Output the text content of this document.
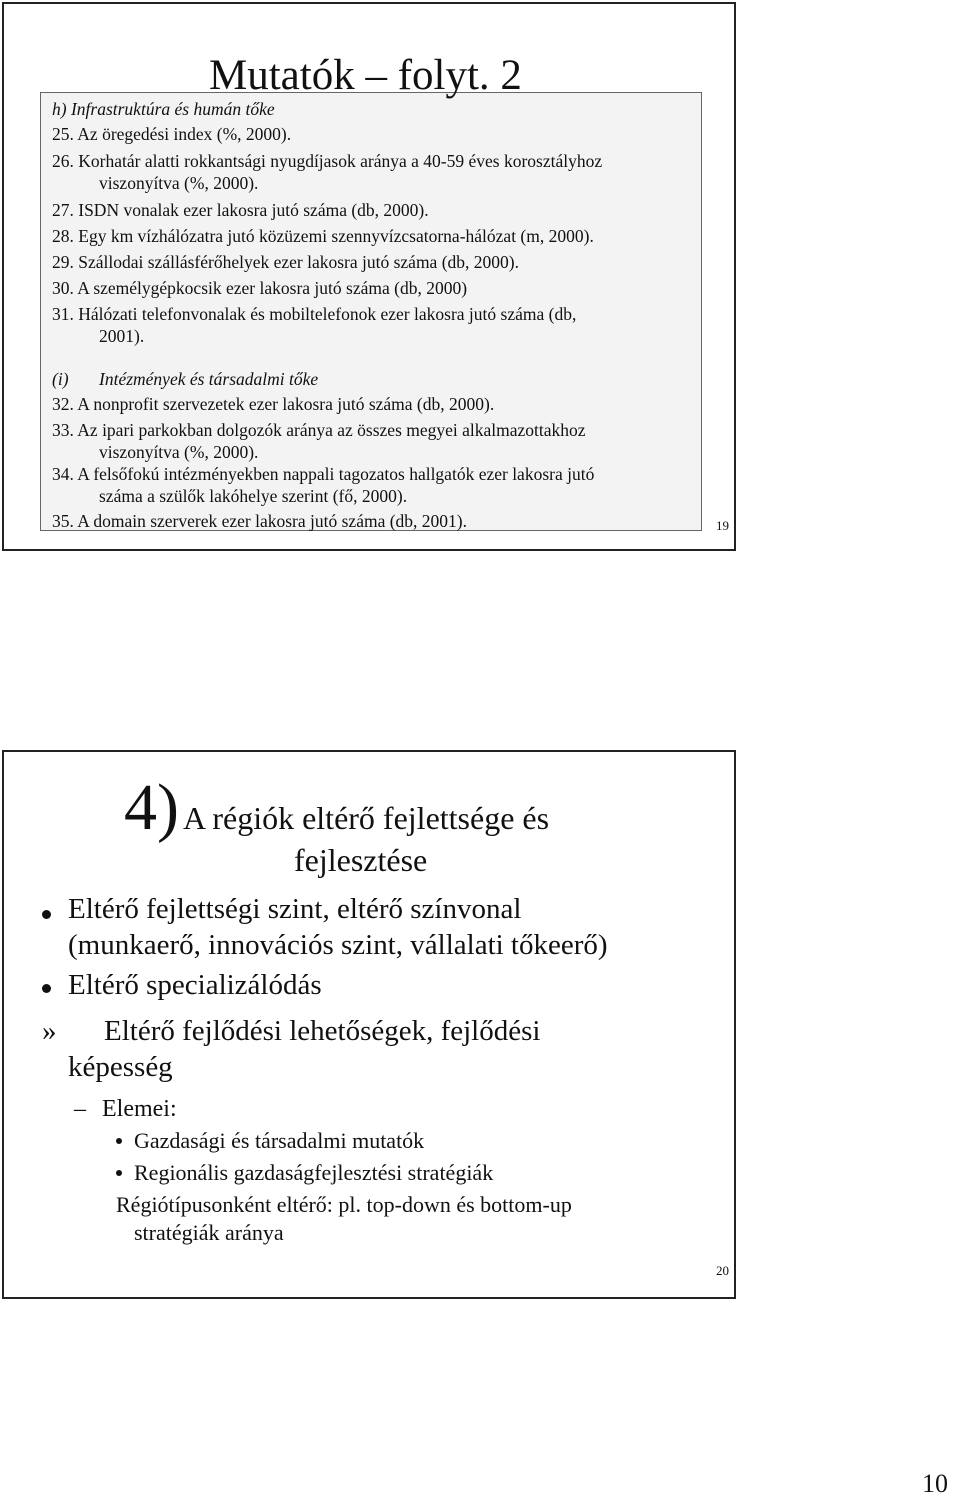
Mutatók – folyt. 2
h) Infrastruktúra és humán tőke
25. Az öregedési index (%, 2000).
26. Korhatár alatti rokkantsági nyugdíjasok aránya a 40-59 éves korosztályhoz
viszonyítva (%, 2000).
27. ISDN vonalak ezer lakosra jutó száma (db, 2000).
28. Egy km vízhálózatra jutó közüzemi szennyvízcsatorna-hálózat (m, 2000).
29. Szállodai szállásférőhelyek ezer lakosra jutó száma (db, 2000).
30. A személygépkocsik ezer lakosra jutó száma (db, 2000)
31. Hálózati telefonvonalak és mobiltelefonok ezer lakosra jutó száma (db,
2001).
(i) Intézmények és társadalmi tőke
32. A nonprofit szervezetek ezer lakosra jutó száma (db, 2000).
33. Az ipari parkokban dolgozók aránya az összes megyei alkalmazottakhoz
viszonyítva (%, 2000).
34. A felsőfokú intézményekben nappali tagozatos hallgatók ezer lakosra jutó
száma a szülők lakóhelye szerint (fő, 2000).
35. A domain szerverek ezer lakosra jutó száma (db, 2001).	19
4) A régiók eltérő fejlettsége és
fejlesztése
Eltérő fejlettségi szint, eltérő színvonal
(munkaerő, innovációs szint, vállalati tőkeerő)
Eltérő specializálódás
» Eltérő fejlődési lehetőségek, fejlődési
képesség
– Elemei:
Gazdasági és társadalmi mutatók
Regionális gazdaságfejlesztési stratégiák
Régiótípusonként eltérő: pl. top-down és bottom-up
stratégiák aránya
20
10
